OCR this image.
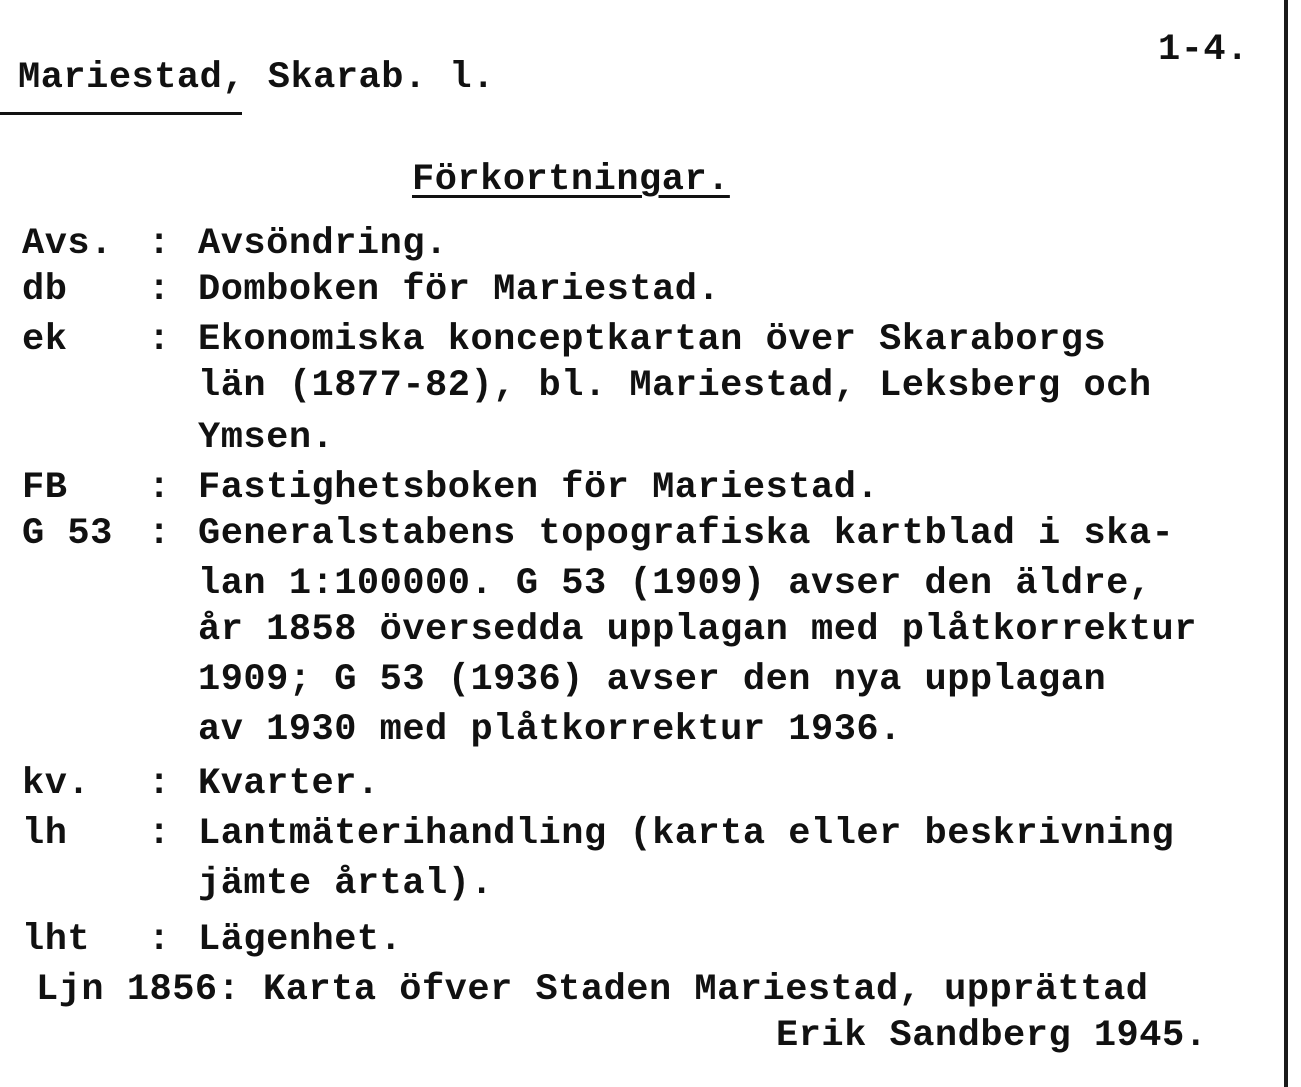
Mariestad, Skarab. l.
1-4.
Förkortningar.
Avs. : Avsöndring.
db : Domboken för Mariestad.
ek : Ekonomiska konceptkartan över Skaraborgs
län (1877-82), bl. Mariestad, Leksberg och
Ymsen.
FB : Fastighetsboken för Mariestad.
G 53 : Generalstabens topografiska kartblad i ska-
lan 1:100000. G 53 (1909) avser den äldre,
år 1858 översedda upplagan med plåtkorrektur
1909; G 53 (1936) avser den nya upplagan
av 1930 med plåtkorrektur 1936.
kv. : Kvarter.
lh : Lantmäterihandling (karta eller beskrivning
jämte årtal).
lht : Lägenhet.
Ljn 1856: Karta öfver Staden Mariestad, upprättad
Erik Sandberg 1945.
